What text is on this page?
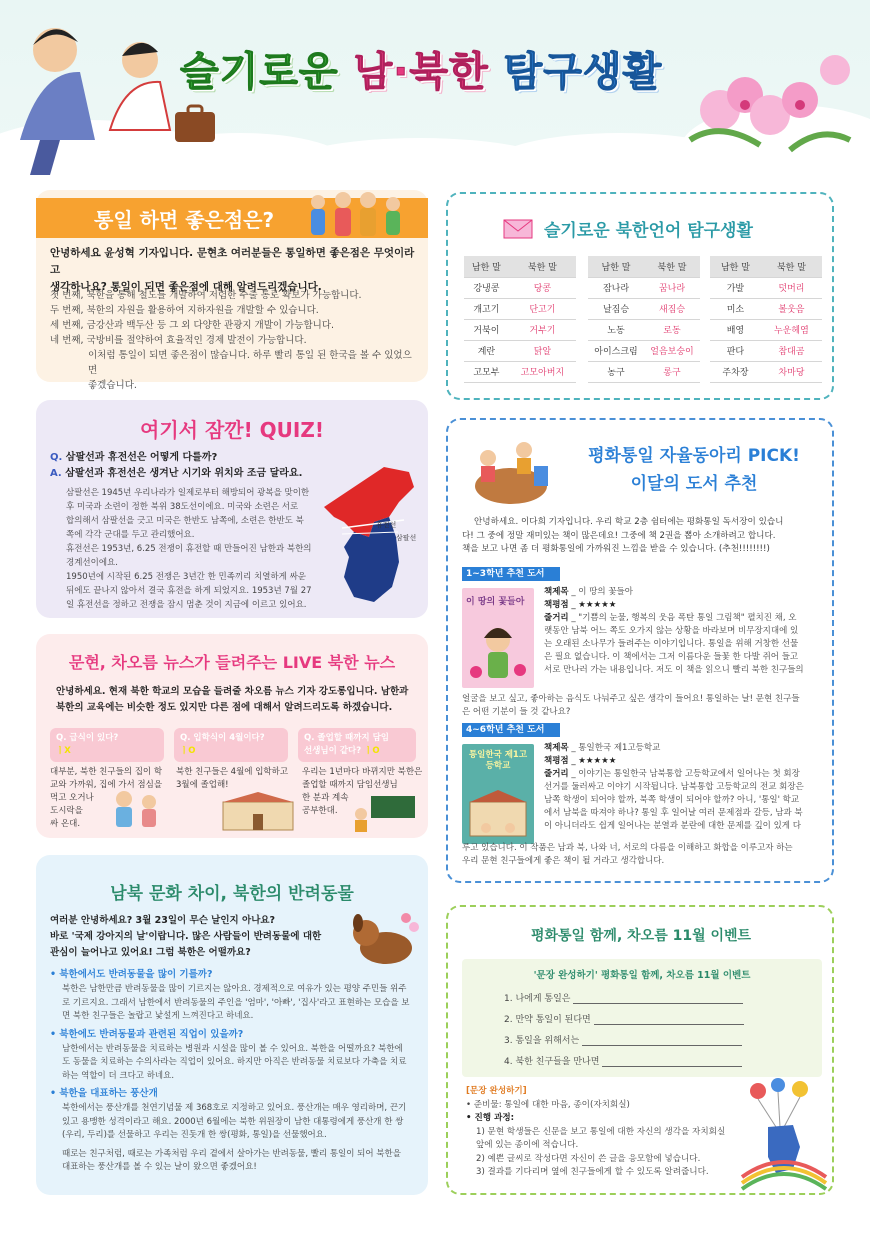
슬기로운 남·북한 탐구생활
통일 하면 좋은점은?
안녕하세요 윤성혁 기자입니다. 문현초 여러분들은 통일하면 좋은점은 무엇이라고
생각하나요? 통일이 되면 좋은점에 대해 알려드리겠습니다.
첫 번째, 북한을 통해 철도를 개발하여 저렴한 수출 통로 확보가 가능합니다.
두 번째, 북한의 자원을 활용하여 지하자원을 개발할 수 있습니다.
세 번째, 금강산과 백두산 등 그 외 다양한 관광지 개발이 가능합니다.
네 번째, 국방비를 절약하여 효율적인 경제 발전이 가능합니다.
이처럼 통일이 되면 좋은점이 많습니다. 하루 빨리 통일 된 한국을 볼 수 있었으면
좋겠습니다.
여기서 잠깐! QUIZ!
Q. 삼팔선과 휴전선은 어떻게 다를까?
A. 삼팔선과 휴전선은 생겨난 시기와 위치와 조금 달라요.
삼팔선은 1945년 우리나라가 일제로부터 해방되어 광복을 맞이한
후 미국과 소련이 정한 북위 38도선이에요. 미국와 소련은 서로
합의해서 삼팔선을 긋고 미국은 한반도 남쪽에, 소련은 한반도 북
쪽에 각각 군대를 두고 관리했어요.
휴전선은 1953년, 6.25 전쟁이 휴전할 때 만들어진 남한과 북한의
경계선이에요.
1950년에 시작된 6.25 전쟁은 3년간 한 민족끼리 치열하게 싸운
뒤에도 끝나지 않아서 결국 휴전을 하게 되었지요. 1953년 7월 27
일 휴전선을 정하고 전쟁을 잠시 멈춘 것이 지금에 이르고 있어요.
휴전선
삼팔선
문현, 차오름 뉴스가 들려주는 LIVE 북한 뉴스
안녕하세요. 현재 북한 학교의 모습을 들려줄 차오름 뉴스 기자 강도롱입니다. 남한과
북한의 교육에는 비슷한 정도 있지만 다른 점에 대해서 알려드리도록 하겠습니다.
Q. 급식이 있다?
ㅣX
Q. 입학식이 4월이다?
ㅣO
Q. 졸업할 때까지 담임
선생님이 같다? ㅣO
대부분, 북한 친구들의 집이 학
교와 가까워, 집에 가서 점심을
먹고 오거나
도시락을
싸 온대.
북한 친구들은 4월에 입학하고
3월에 졸업해!
우리는 1년마다 바뀌지만 북한은
졸업할 때까지 담임선생님
한 분과 계속
공부한대.
남북 문화 차이, 북한의 반려동물
여러분 안녕하세요? 3월 23일이 무슨 날인지 아나요?
바로 '국제 강아지의 날'이랍니다. 많은 사람들이 반려동물에 대한
관심이 늘어나고 있어요! 그럼 북한은 어떨까요?
• 북한에서도 반려동물을 많이 기를까?
북한은 남한만큼 반려동물을 많이 기르지는 않아요. 경제적으로 여유가 있는 평양 주민들 위주
로 기르지요. 그래서 남한에서 반려동물의 주인을 '엄마', '아빠', '집사'라고 표현하는 모습을 보
면 북한 친구들은 놀랍고 낯설게 느껴진다고 하네요.
• 북한에도 반려동물과 관련된 직업이 있을까?
남한에서는 반려동물을 치료하는 병원과 시설을 많이 볼 수 있어요. 북한을 어떨까요? 북한에
도 동물을 치료하는 수의사라는 직업이 있어요. 하지만 아직은 반려동물 치료보다 가축을 치료
하는 역할이 더 크다고 하네요.
• 북한을 대표하는 풍산개
북한에서는 풍산개를 천연기념물 제 368호로 지정하고 있어요. 풍산개는 매우 영리하며, 끈기
있고 용맹한 성격이라고 해요. 2000년 6월에는 북한 위원장이 남한 대통령에게 풍산개 한 쌍
(우리, 두리)를 선물하고 우리는 진돗개 한 쌍(평화, 통일)을 선물했어요.
때로는 친구처럼, 때로는 가족처럼 우리 곁에서 살아가는 반려동물, 빨리 통일이 되어 북한을
대표하는 풍산개를 볼 수 있는 날이 왔으면 좋겠어요!
슬기로운 북한언어 탐구생활
남한 말	북한 말
강냉콩	당콩
개고기	단고기
거북이	거부기
계란	닭알
고모부	고모아버지
남한 말	북한 말
잠나라	꿈나라
날짐승	새짐승
노동	로동
아이스크림	얼음보숭이
농구	롱구
남한 말	북한 말
가발	덧머리
미소	볼웃음
배영	누운헤염
판다	참대곰
주차장	차마당
평화통일 자율동아리 PICK!
이달의 도서 추천
안녕하세요. 이다희 기자입니다. 우리 학교 2층 쉼터에는 평화통일 독서장이 있습니
다! 그 중에 정말 재미있는 책이 많은데요! 그중에 책 2권을 뽑아 소개하려고 합니다.
책을 보고 나면 좀 더 평화통일에 가까워진 느낌을 받을 수 있습니다. (추천!!!!!!!!)
1~3학년 추천 도서
이 땅의 꽃들아
책제목 _ 이 땅의 꽃들아
책평점 _ ★★★★★
줄거리 _ "기쁨의 눈물, 행복의 웃음 폭탄 통일 그림책" 펼치진 채, 오
랫동안 남북 어느 쪽도 오가지 않는 상황을 바라보며 비무장지대에 있
는 오래된 소나무가 들려주는 이야기입니다. 통일을 위해 거창한 선물
은 필요 없습니다. 이 책에서는 그저 이름다운 들꽃 한 다발 쥐어 들고
서로 만나러 가는 내용입니다. 저도 이 책을 읽으니 빨리 북한 친구들의
얼굴을 보고 싶고, 좋아하는 음식도 나눠주고 싶은 생각이 들어요! 통일하는 날! 문현 친구들
은 어떤 기분이 들 것 같나요?
4~6학년 추천 도서
통일한국 제1고등학교
책제목 _ 통일한국 제1고등학교
책평점 _ ★★★★★
줄거리 _ 이야기는 통일한국 남북통합 고등학교에서 일어나는 첫 회장
선거를 둘러싸고 이야기 시작됩니다. 남북통합 고등학교의 전교 회장은
남쪽 학생이 되어야 할까, 북쪽 학생이 되어야 할까? 아니, '통일' 학교
에서 남북을 따져야 하나? 통일 후 일어날 여러 문제점과 갈등, 남과 북
이 아니더라도 쉽게 일어나는 분열과 분란에 대한 문제를 깊이 있게 다
루고 있습니다. 이 작품은 남과 북, 나와 너, 서로의 다름을 이해하고 화합을 이루고자 하는
우리 문현 친구들에게 좋은 책이 될 거라고 생각합니다.
평화통일 함께, 차오름 11월 이벤트
'문장 완성하기' 평화통일 함께, 차오름 11월 이벤트
1. 나에게 통일은
2. 만약 통일이 된다면
3. 통일을 위해서는
4. 북한 친구들을 만나면
[문장 완성하기]
• 준비물: 통일에 대한 마음, 종이(자치회실)
• 진행 과정:
1) 문현 학생들은 신문을 보고 통일에 대한 자신의 생각을 자치회실
앞에 있는 종이에 적습니다.
2) 예쁜 글씨로 작성다면 자신이 쓴 글을 응모함에 넣습니다.
3) 결과를 기다리며 옆에 친구들에게 할 수 있도록 알려줍니다.
